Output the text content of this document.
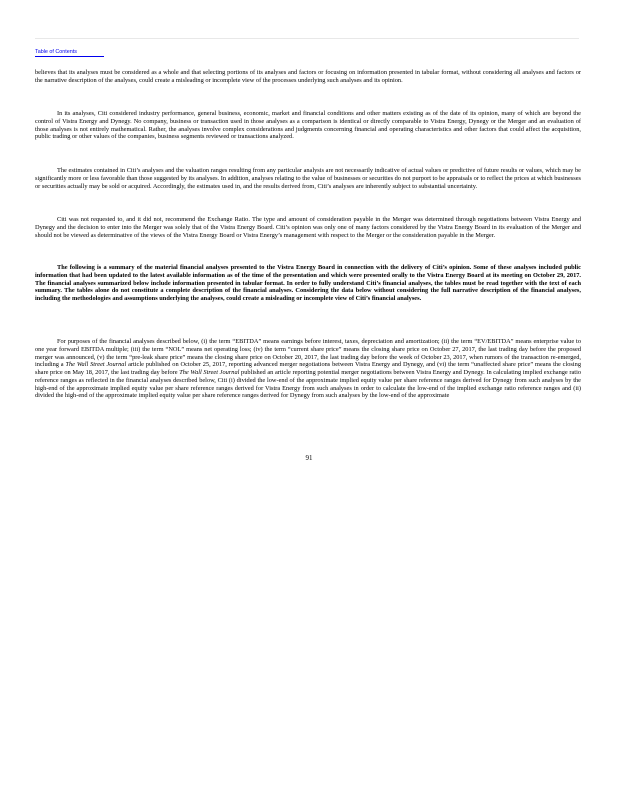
Table of Contents

believes that its analyses must be considered as a whole and that selecting portions of its analyses and factors or focusing on information presented in tabular format, without considering all analyses and factors or the narrative description of the analyses, could create a misleading or incomplete view of the processes underlying such analyses and its opinion.

In its analyses, Citi considered industry performance, general business, economic, market and financial conditions and other matters existing as of the date of its opinion, many of which are beyond the control of Vistra Energy and Dynegy. No company, business or transaction used in those analyses as a comparison is identical or directly comparable to Vistra Energy, Dynegy or the Merger and an evaluation of those analyses is not entirely mathematical. Rather, the analyses involve complex considerations and judgments concerning financial and operating characteristics and other factors that could affect the acquisition, public trading or other values of the companies, business segments reviewed or transactions analyzed.

The estimates contained in Citi’s analyses and the valuation ranges resulting from any particular analysis are not necessarily indicative of actual values or predictive of future results or values, which may be significantly more or less favorable than those suggested by its analyses. In addition, analyses relating to the value of businesses or securities do not purport to be appraisals or to reflect the prices at which businesses or securities actually may be sold or acquired. Accordingly, the estimates used in, and the results derived from, Citi’s analyses are inherently subject to substantial uncertainty.

Citi was not requested to, and it did not, recommend the Exchange Ratio. The type and amount of consideration payable in the Merger was determined through negotiations between Vistra Energy and Dynegy and the decision to enter into the Merger was solely that of the Vistra Energy Board. Citi’s opinion was only one of many factors considered by the Vistra Energy Board in its evaluation of the Merger and should not be viewed as determinative of the views of the Vistra Energy Board or Vistra Energy’s management with respect to the Merger or the consideration payable in the Merger.

The following is a summary of the material financial analyses presented to the Vistra Energy Board in connection with the delivery of Citi’s opinion. Some of these analyses included public information that had been updated to the latest available information as of the time of the presentation and which were presented orally to the Vistra Energy Board at its meeting on October 29, 2017. The financial analyses summarized below include information presented in tabular format. In order to fully understand Citi’s financial analyses, the tables must be read together with the text of each summary. The tables alone do not constitute a complete description of the financial analyses. Considering the data below without considering the full narrative description of the financial analyses, including the methodologies and assumptions underlying the analyses, could create a misleading or incomplete view of Citi’s financial analyses.

For purposes of the financial analyses described below, (i) the term “EBITDA” means earnings before interest, taxes, depreciation and amortization; (ii) the term “EV/EBITDA” means enterprise value to one year forward EBITDA multiple; (iii) the term “NOL” means net operating loss; (iv) the term “current share price” means the closing share price on October 27, 2017, the last trading day before the proposed merger was announced, (v) the term “pre-leak share price” means the closing share price on October 20, 2017, the last trading day before the week of October 23, 2017, when rumors of the transaction re-emerged, including a The Wall Street Journal article published on October 25, 2017, reporting advanced merger negotiations between Vistra Energy and Dynegy, and (vi) the term “unaffected share price” means the closing share price on May 18, 2017, the last trading day before The Wall Street Journal published an article reporting potential merger negotiations between Vistra Energy and Dynegy. In calculating implied exchange ratio reference ranges as reflected in the financial analyses described below, Citi (i) divided the low-end of the approximate implied equity value per share reference ranges derived for Dynegy from such analyses by the high-end of the approximate implied equity value per share reference ranges derived for Vistra Energy from such analyses in order to calculate the low-end of the implied exchange ratio reference ranges and (ii) divided the high-end of the approximate implied equity value per share reference ranges derived for Dynegy from such analyses by the low-end of the approximate

91
